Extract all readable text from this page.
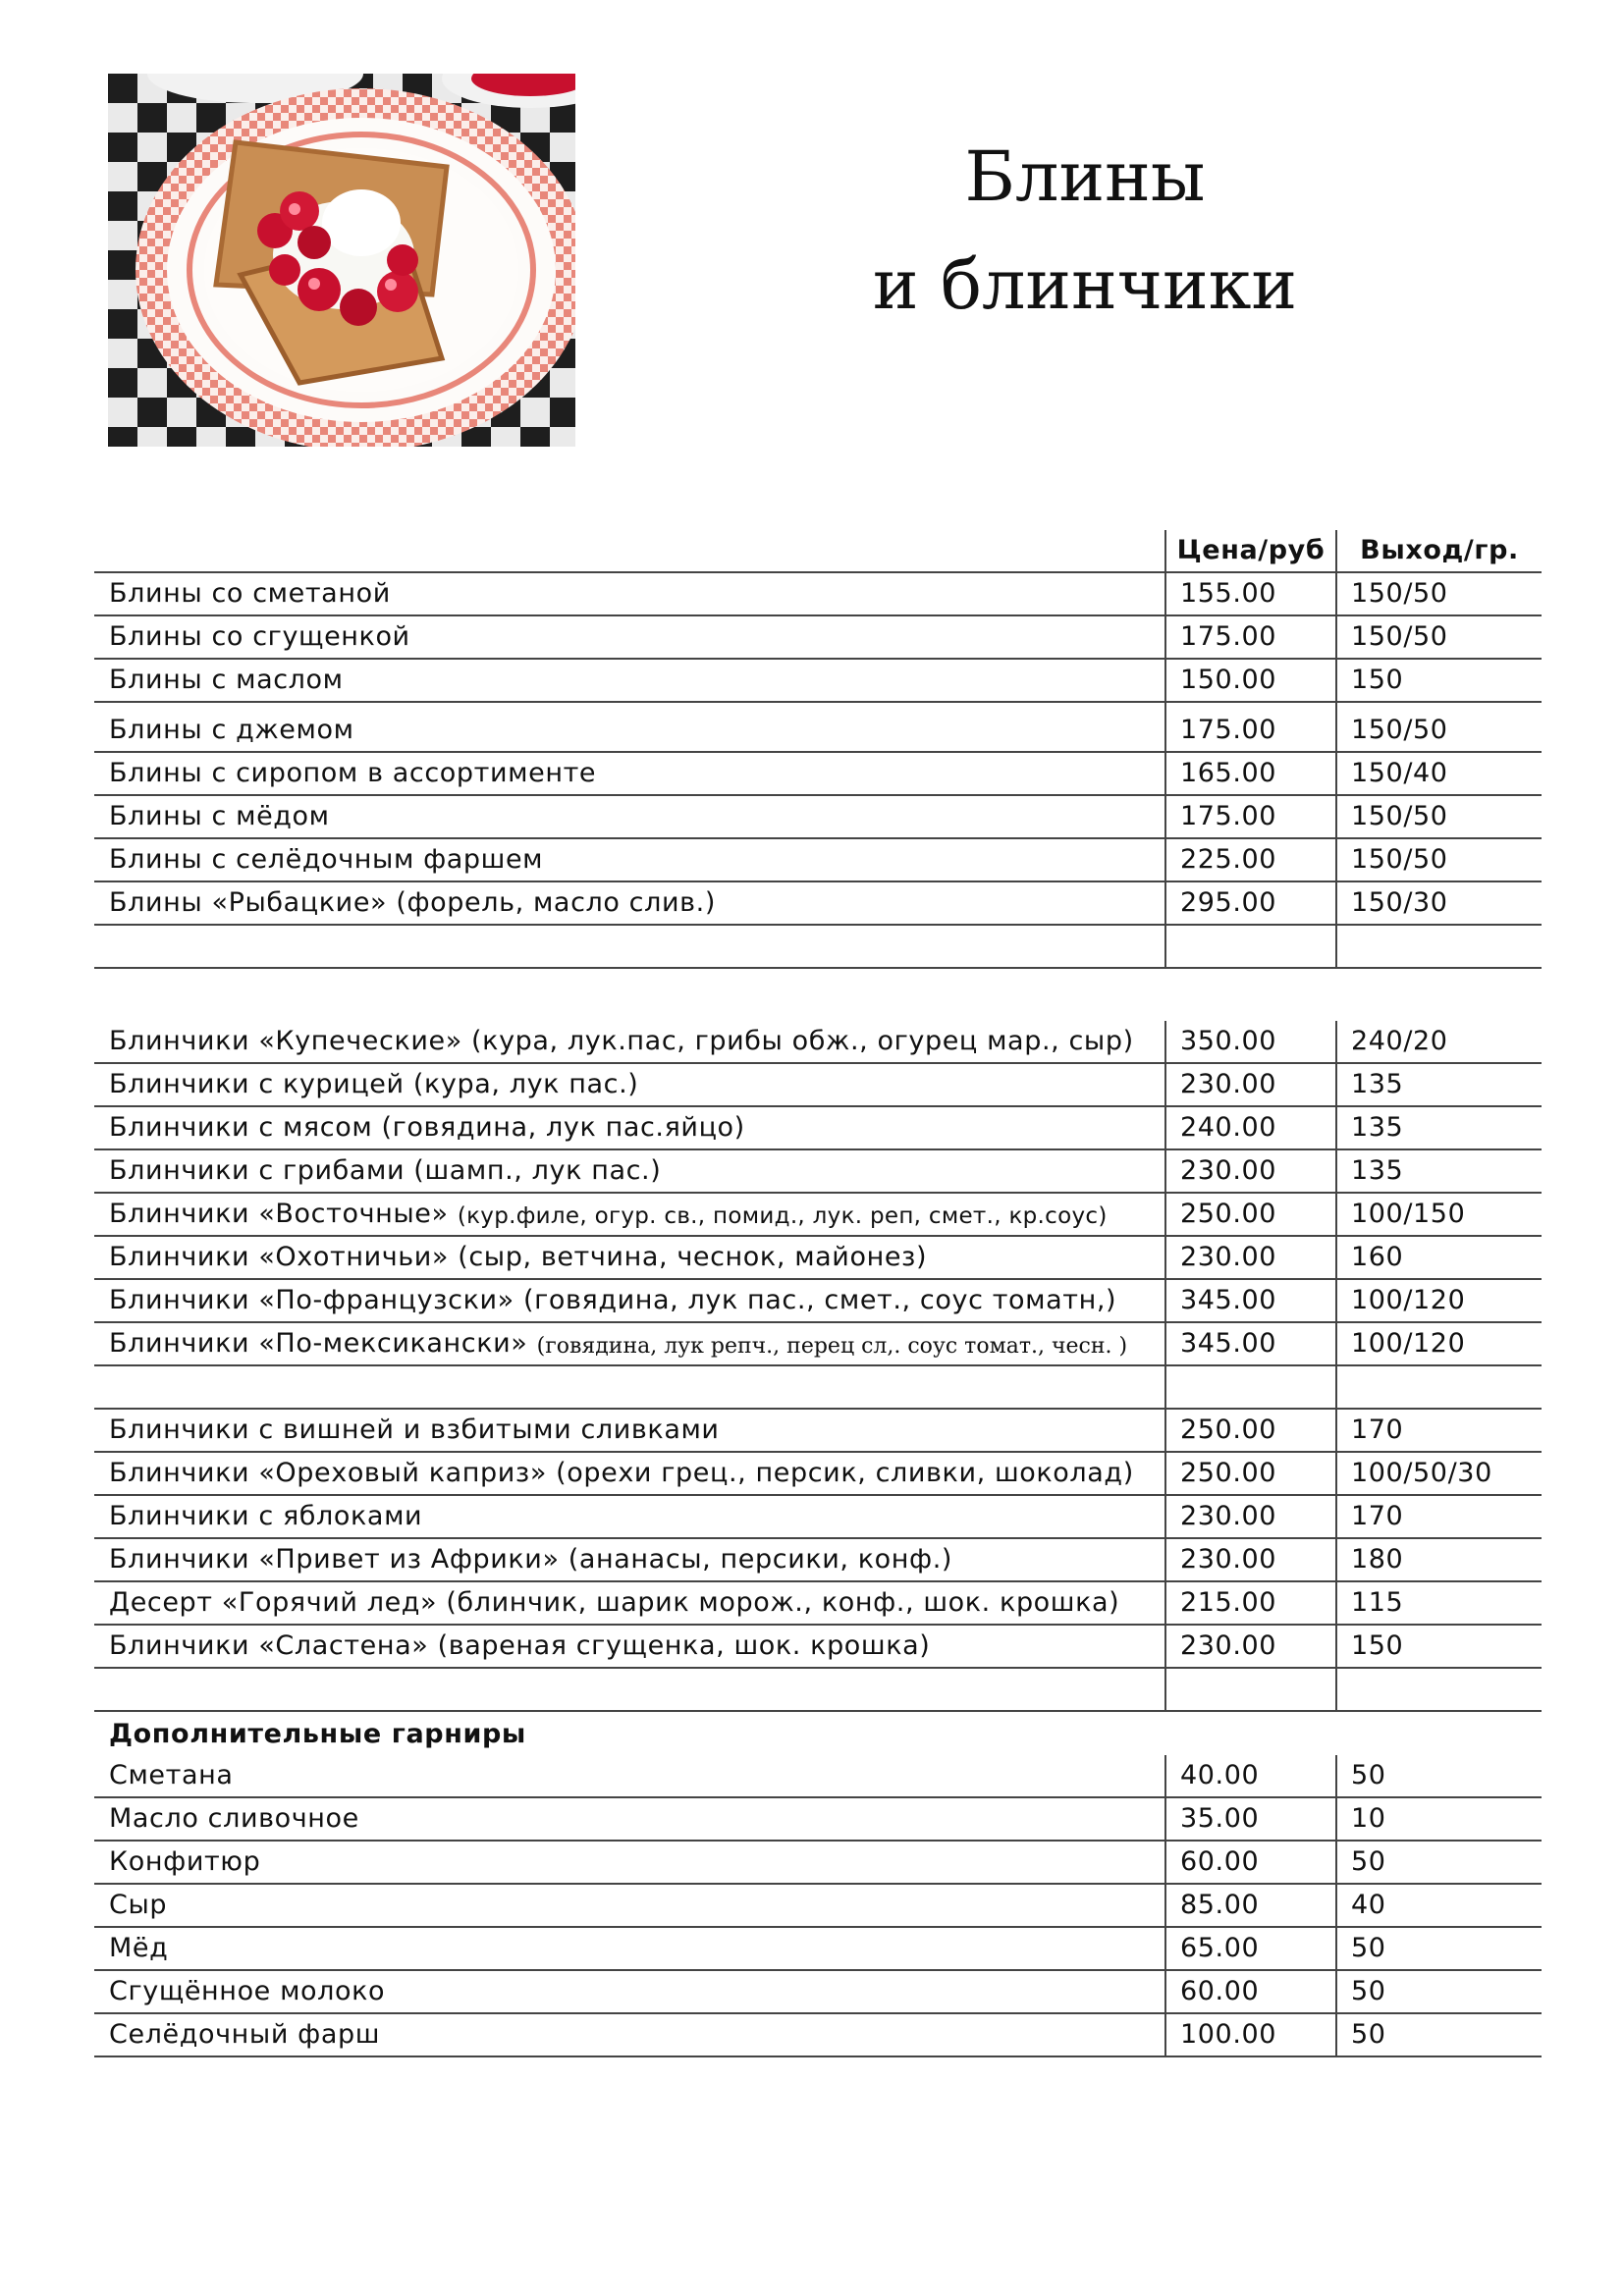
Блины
и блинчики
Цена/руб	Выход/гр.
Блины со сметаной	155.00	150/50
Блины со сгущенкой	175.00	150/50
Блины с маслом	150.00	150
Блины с джемом	175.00	150/50
Блины с сиропом в ассортименте	165.00	150/40
Блины с мёдом	175.00	150/50
Блины с селёдочным фаршем	225.00	150/50
Блины «Рыбацкие» (форель, масло слив.)	295.00	150/30
Блинчики «Купеческие» (кура, лук.пас, грибы обж., огурец мар., сыр)	350.00	240/20
Блинчики с курицей (кура, лук пас.)	230.00	135
Блинчики с мясом (говядина, лук пас.яйцо)	240.00	135
Блинчики с грибами (шамп., лук пас.)	230.00	135
Блинчики «Восточные»
(кур.филе, огур. св., помид., лук. реп, смет., кр.соус)	250.00	100/150
Блинчики «Охотничьи» (сыр, ветчина, чеснок, майонез)	230.00	160
Блинчики «По-французски» (говядина, лук пас., смет., соус томатн,)	345.00	100/120
Блинчики «По-мексикански»
(говядина, лук репч., перец сл,. соус томат., чесн. )	345.00	100/120
Блинчики с вишней и взбитыми сливками	250.00	170
Блинчики «Ореховый каприз» (орехи грец., персик, сливки, шоколад)	250.00	100/50/30
Блинчики с яблоками	230.00	170
Блинчики «Привет из Африки» (ананасы, персики, конф.)	230.00	180
Десерт «Горячий лед» (блинчик, шарик морож., конф., шок. крошка)	215.00	115
Блинчики «Сластена» (вареная сгущенка, шок. крошка)	230.00	150
Дополнительные гарниры
Сметана	40.00	50
Масло сливочное	35.00	10
Конфитюр	60.00	50
Сыр	85.00	40
Мёд	65.00	50
Сгущённое молоко	60.00	50
Селёдочный фарш	100.00	50
